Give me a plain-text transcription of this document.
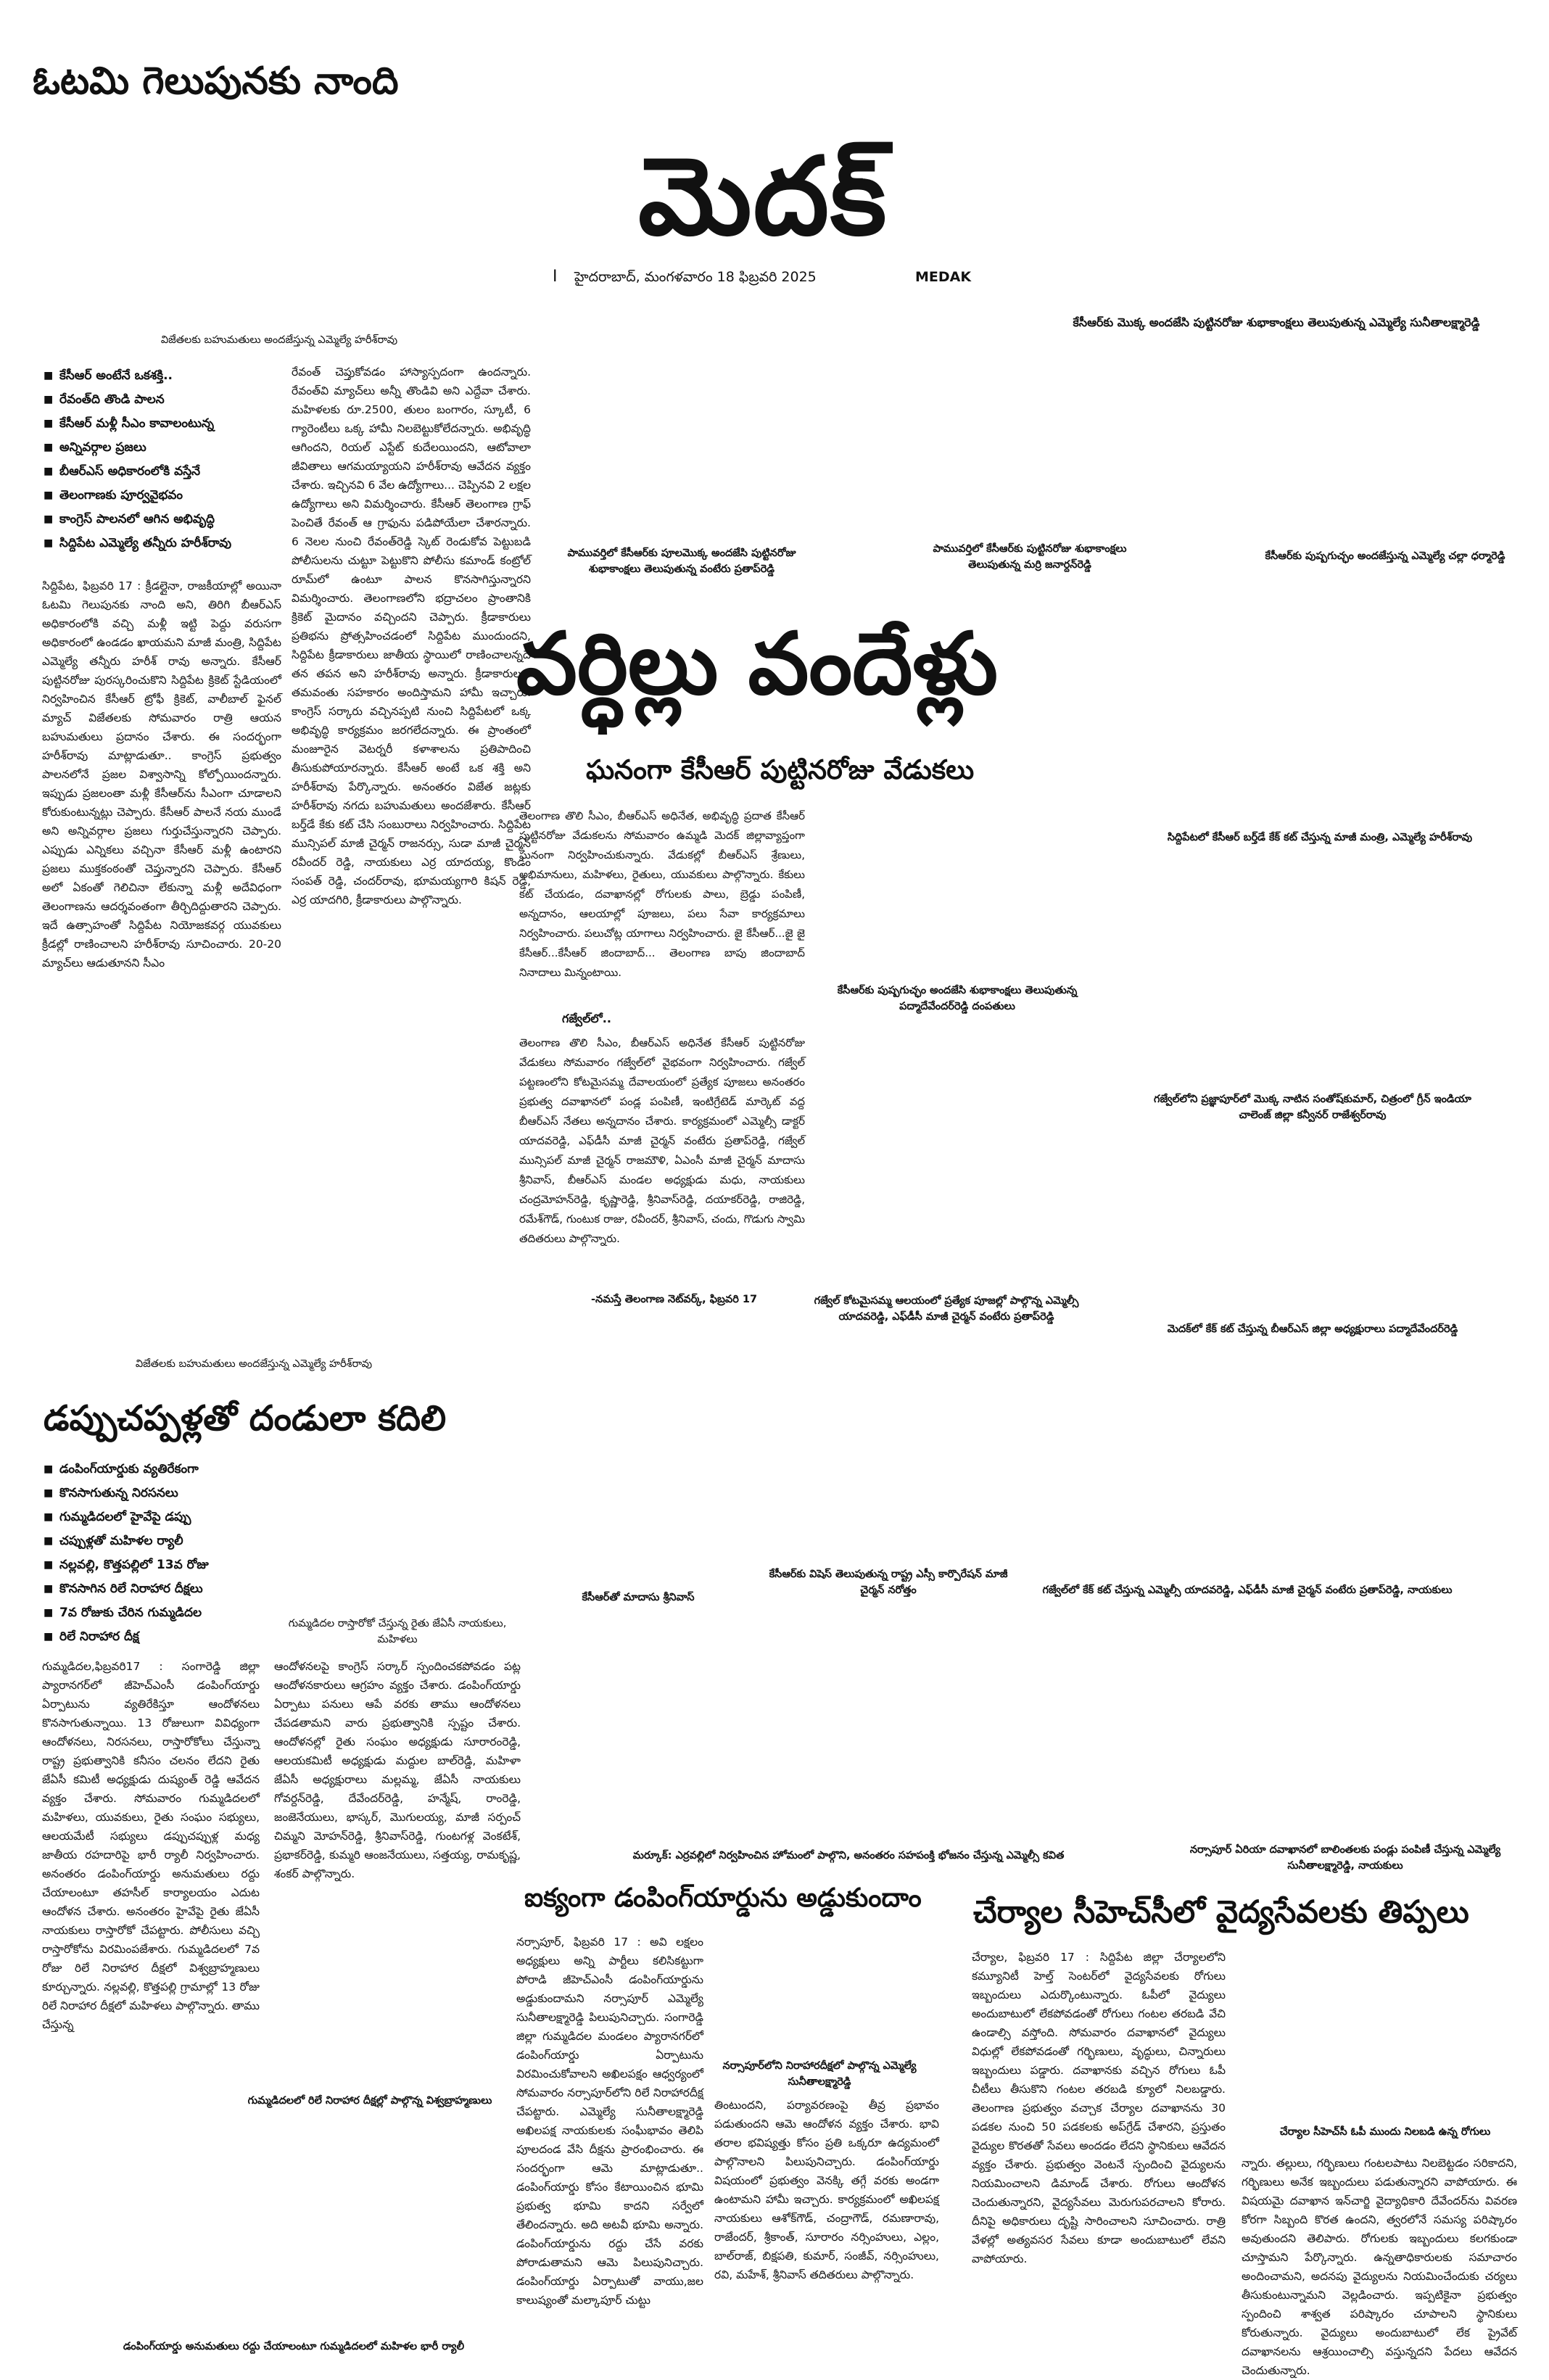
ఓటమి గెలుపునకు నాంది
మెదక్
I హైదరాబాద్, మంగళవారం 18 ఫిబ్రవరి 2025	MEDAK
విజేతలకు బహుమతులు అందజేస్తున్న ఎమ్మెల్యే హరీశ్‌రావు
■ కేసీఆర్‌ అంటేనే ఒకశక్తి..
■ రేవంత్‌ది తొండి పాలన
■ కేసీఆర్‌ మళ్లీ సీఎం కావాలంటున్న
■ అన్నివర్గాల ప్రజలు
■ బీఆర్‌ఎస్‌ అధికారంలోకి వస్తేనే
■ తెలంగాణకు పూర్వవైభవం
■ కాంగ్రెస్‌ పాలనలో ఆగిన అభివృద్ధి
■ సిద్దిపేట ఎమ్మెల్యే తన్నీరు హరీశ్‌రావు

సిద్దిపేట, ఫిబ్రవరి 17 : క్రీడల్లైనా, రాజకీయాల్లో అయినా ఓటమి గెలుపునకు నాంది అని, తిరిగి బీఆర్‌ఎస్‌ అధికారంలోకి వచ్చి మళ్లీ ఇట్టి పెద్దు వరుసగా అధికారంలో ఉండడం ఖాయమని మాజీ మంత్రి, సిద్దిపేట ఎమ్మెల్యే తన్నీరు హరీశ్‌ రావు అన్నారు. కేసీఆర్‌ పుట్టినరోజు పురస్కరించుకొని సిద్దిపేట క్రికెట్‌ స్టేడియంలో నిర్వహించిన కేసీఆర్‌ ట్రోఫీ క్రికెట్‌, వాలీబాల్‌ ఫైనల్‌ మ్యాచ్‌ విజేతలకు సోమవారం రాత్రి ఆయన బహుమతులు ప్రదానం చేశారు. ఈ సందర్భంగా హరీశ్‌రావు మాట్లాడుతూ.. కాంగ్రెస్‌ ప్రభుత్వం పాలనలోనే ప్రజల విశ్వాసాన్ని కోల్పోయిందన్నారు. ఇప్పుడు ప్రజలంతా మళ్లీ కేసీఆర్‌ను సీఎంగా చూడాలని కోరుకుంటున్నట్లు చెప్పారు. కేసీఆర్‌ పాలనే నయ ముండే అని అన్నివర్గాల ప్రజలు గుర్తుచేస్తున్నారని చెప్పారు. ఎప్పుడు ఎన్నికలు వచ్చినా కేసీఆర్‌ మళ్లీ ఉంటారని ప్రజలు ముక్తకంఠంతో చెప్తున్నారని చెప్పారు. కేసీఆర్‌ అలో ఏకంతో గెలిచినా లేకున్నా మళ్లీ అదేవిధంగా తెలంగాణను ఆదర్శవంతంగా తీర్చిదిద్దుతారని చెప్పారు. ఇదే ఉత్సాహంతో సిద్దిపేట నియోజకవర్గ యువకులు క్రీడల్లో రాణించాలని హరీశ్‌రావు సూచించారు. 20-20 మ్యాచ్‌లు ఆడుతూనని సీఎం

రేవంత్‌ చెప్తుకోవడం హాస్యాస్పదంగా ఉందన్నారు. రేవంత్‌వి మ్యాచ్‌లు అన్నీ తొండివి అని ఎద్దేవా చేశారు. మహిళలకు రూ.2500, తులం బంగారం, స్కూటీ, 6 గ్యారెంటీలు ఒక్క హామీ నిలబెట్టుకోలేదన్నారు. అభివృద్ధి ఆగిందని, రియల్‌ ఎస్టేట్‌ కుదేలయిందని, ఆటోవాలా జీవితాలు ఆగమయ్యాయని హరీశ్‌రావు ఆవేదన వ్యక్తం చేశారు. ఇచ్చినవి 6 వేల ఉద్యోగాలు... చెప్పినవి 2 లక్షల ఉద్యోగాలు అని విమర్శించారు. కేసీఆర్‌ తెలంగాణ గ్రాఫ్‌ పెంచితే రేవంత్‌ ఆ గ్రాఫును పడిపోయేలా చేశారన్నారు. 6 నెలల నుంచి రేవంత్‌రెడ్డి స్కెట్‌ రెండుకోవ పెట్టుబడి పోలీసులను చుట్టూ పెట్టుకొని పోలీసు కమాండ్‌ కంట్రోల్‌ రూమ్‌లో ఉంటూ పాలన కొనసాగిస్తున్నారని విమర్శించారు. తెలంగాణలోని భద్రాచలం ప్రాంతానికి క్రికెట్‌ మైదానం వచ్చిందని చెప్పారు. క్రీడాకారులు ప్రతిభను ప్రోత్సహించడంలో సిద్దిపేట ముందుందని, సిద్దిపేట క్రీడాకారులు జాతీయ స్థాయిలో రాణించాలన్నదే తన తపన అని హరీశ్‌రావు అన్నారు. క్రీడాకారులకు తమవంతు సహకారం అందిస్తామని హామీ ఇచ్చారు. కాంగ్రెస్‌ సర్కారు వచ్చినప్పటి నుంచి సిద్దిపేటలో ఒక్క అభివృద్ధి కార్యక్రమం జరగలేదన్నారు. ఈ ప్రాంతంలో మంజూరైన వెటర్నరీ కళాశాలను ప్రతిపాదించి తీసుకుపోయారన్నారు. కేసీఆర్‌ అంటే ఒక శక్తి అని హరీశ్‌రావు పేర్కొన్నారు. అనంతరం విజేత జట్లకు హరీశ్‌రావు నగదు బహుమతులు అందజేశారు. కేసీఆర్‌ బర్త్‌డే కేకు కట్‌ చేసి సంబురాలు నిర్వహించారు. సిద్దిపేట మున్సిపల్‌ మాజీ చైర్మన్‌ రాజనర్సు, సుడా మాజీ చైర్మన్‌ రవీందర్‌ రెడ్డి, నాయకులు ఎర్ర యాదయ్య, కొండం సంపత్‌ రెడ్డి, చందర్‌రావు, భూమయ్యగారి కిషన్‌ రెడ్డి, ఎర్ర యాదగిరి, క్రీడాకారులు పాల్గొన్నారు.

కేసీఆర్‌కు మొక్క అందజేసి పుట్టినరోజు శుభాకాంక్షలు తెలుపుతున్న ఎమ్మెల్యే సునీతాలక్ష్మారెడ్డి
పామువర్తిలో కేసీఆర్‌కు పూలమొక్క అందజేసి పుట్టినరోజు శుభాకాంక్షలు తెలుపుతున్న వంటేరు ప్రతాప్‌రెడ్డి
పామువర్తిలో కేసీఆర్‌కు పుట్టినరోజు శుభాకాంక్షలు తెలుపుతున్న మర్రి జనార్దన్‌రెడ్డి
కేసీఆర్‌కు పుష్పగుచ్ఛం అందజేస్తున్న ఎమ్మెల్యే చల్లా ధర్మారెడ్డి
వర్ధిల్లు వందేళ్లు
ఘనంగా కేసీఆర్‌ పుట్టినరోజు వేడుకలు

తెలంగాణ తొలి సీఎం, బీఆర్‌ఎస్‌ అధినేత, అభివృద్ధి ప్రదాత కేసీఆర్‌ పుట్టినరోజు వేడుకలను సోమవారం ఉమ్మడి మెదక్‌ జిల్లావ్యాప్తంగా ఘనంగా నిర్వహించుకున్నారు. వేడుకల్లో బీఆర్‌ఎస్‌ శ్రేణులు, అభిమానులు, మహిళలు, రైతులు, యువకులు పాల్గొన్నారు. కేకులు కట్‌ చేయడం, దవాఖానల్లో రోగులకు పాలు, బ్రెడ్డు పంపిణీ, అన్నదానం, ఆలయాల్లో పూజలు, పలు సేవా కార్యక్రమాలు నిర్వహించారు. పలుచోట్ల యాగాలు నిర్వహించారు. జై కేసీఆర్‌...జై జై కేసీఆర్‌...కేసీఆర్‌ జిందాబాద్‌... తెలంగాణ బాపు జిందాబాద్‌ నినాదాలు మిన్నంటాయి.

గజ్వేల్‌లో..

తెలంగాణ తొలి సీఎం, బీఆర్‌ఎస్‌ అధినేత కేసీఆర్‌ పుట్టినరోజు వేడుకలు సోమవారం గజ్వేల్‌లో వైభవంగా నిర్వహించారు. గజ్వేల్‌ పట్టణంలోని కోటమైసమ్మ దేవాలయంలో ప్రత్యేక పూజలు అనంతరం ప్రభుత్వ దవాఖానలో పండ్ల పంపిణీ, ఇంటిగ్రేటెడ్‌ మార్కెట్‌ వద్ద బీఆర్‌ఎస్‌ నేతలు అన్నదానం చేశారు. కార్యక్రమంలో ఎమ్మెల్సీ డాక్టర్‌ యాదవరెడ్డి, ఎఫ్‌డీసీ మాజీ చైర్మన్‌ వంటేరు ప్రతాప్‌రెడ్డి, గజ్వేల్‌ మున్సిపల్‌ మాజీ చైర్మన్‌ రాజమౌళి, ఏఎంసీ మాజీ చైర్మన్‌ మాదాసు శ్రీనివాస్‌, బీఆర్‌ఎస్‌ మండల అధ్యక్షుడు మధు, నాయకులు చంద్రమోహన్‌రెడ్డి, కృష్ణారెడ్డి, శ్రీనివాస్‌రెడ్డి, దయాకర్‌రెడ్డి, రాజిరెడ్డి, రమేశ్‌గౌడ్‌, గుంటుక రాజు, రవీందర్‌, శ్రీనివాస్‌, చందు, గొడుగు స్వామి తదితరులు పాల్గొన్నారు.

-నమస్తే తెలంగాణ నెట్‌వర్క్‌, ఫిబ్రవరి 17
సిద్దిపేటలో కేసీఆర్‌ బర్త్‌డే కేక్‌ కట్‌ చేస్తున్న మాజీ మంత్రి, ఎమ్మెల్యే హరీశ్‌రావు
కేసీఆర్‌కు పుష్పగుచ్ఛం అందజేసి శుభాకాంక్షలు తెలుపుతున్న పద్మాదేవేందర్‌రెడ్డి దంపతులు
గజ్వేల్‌లోని ప్రజ్ఞాపూర్‌లో మొక్క నాటిన సంతోష్‌కుమార్‌, చిత్రంలో గ్రీన్‌ ఇండియా చాలెంజ్‌ జిల్లా కన్వీనర్‌ రాజేశ్వర్‌రావు
గజ్వేల్‌ కోటమైసమ్మ ఆలయంలో ప్రత్యేక పూజల్లో పాల్గొన్న ఎమ్మెల్సీ యాదవరెడ్డి, ఎఫ్‌డీసీ మాజీ చైర్మన్‌ వంటేరు ప్రతాప్‌రెడ్డి
మెదక్‌లో కేక్‌ కట్‌ చేస్తున్న బీఆర్‌ఎస్‌ జిల్లా అధ్యక్షురాలు పద్మాదేవేందర్‌రెడ్డి
విజేతలకు బహుమతులు అందజేస్తున్న ఎమ్మెల్యే హరీశ్‌రావు
డప్పుచప్పళ్లతో దండులా కదిలి
■ డంపింగ్‌యార్డుకు వ్యతిరేకంగా
■ కొనసాగుతున్న నిరసనలు
■ గుమ్మడిదలలో హైవేపై డప్పు
■ చప్పుళ్లతో మహిళల ర్యాలీ
■ నల్లవల్లి, కొత్తపల్లిలో 13వ రోజు
■ కొనసాగిన రిలే నిరాహార దీక్షలు
■ 7వ రోజుకు చేరిన గుమ్మడిదల
■ రిలే నిరాహార దీక్ష
గుమ్మడిదల రాస్తారోకో చేస్తున్న రైతు జేఏసీ నాయకులు, మహిళలు

గుమ్మడిదల,ఫిబ్రవరి17 : సంగారెడ్డి జిల్లా ప్యారానగర్‌లో జీహెచ్‌ఎంసీ డంపింగ్‌యార్డు ఏర్పాటును వ్యతిరేకిస్తూ ఆందోళనలు కొనసాగుతున్నాయి. 13 రోజులుగా వివిధ్యంగా ఆందోళనలు, నిరసనలు, రాస్తారోకోలు చేస్తున్నా రాష్ట్ర ప్రభుత్వానికి కనీసం చలనం లేదని రైతు జేఏసీ కమిటీ అధ్యక్షుడు దుష్యంత్‌ రెడ్డి ఆవేదన వ్యక్తం చేశారు. సోమవారం గుమ్మడిదలలో మహిళలు, యువకులు, రైతు సంఘం సభ్యులు, ఆలయమేటీ సభ్యులు డప్పుచప్పుళ్ల మధ్య జాతీయ రహదారిపై భారీ ర్యాలీ నిర్వహించారు. అనంతరం డంపింగ్‌యార్డు అనుమతులు రద్దు చేయాలంటూ తహసీల్‌ కార్యాలయం ఎదుట ఆందోళన చేశారు. అనంతరం హైవేపై రైతు జేఏసీ నాయకులు రాస్తారోకో చేపట్టారు. పోలీసులు వచ్చి రాస్తారోకోను విరమింపజేశారు. గుమ్మడిదలలో 7వ రోజు రిలే నిరాహార దీక్షలో విశ్వబ్రాహ్మణులు కూర్చున్నారు. నల్లవల్లి, కొత్తపల్లి గ్రామాల్లో 13 రోజు రిలే నిరాహార దీక్షలో మహిళలు పాల్గొన్నారు. తాము చేస్తున్న

ఆందోళనలపై కాంగ్రెస్‌ సర్కార్‌ స్పందించకపోవడం పట్ల ఆందోళనకారులు ఆగ్రహం వ్యక్తం చేశారు. డంపింగ్‌యార్డు ఏర్పాటు పనులు ఆపే వరకు తాము ఆందోళనలు చేపడతామని వారు ప్రభుత్వానికి స్పష్టం చేశారు. ఆందోళనల్లో రైతు సంఘం అధ్యక్షుడు సూరారంరెడ్డి, ఆలయకమిటీ అధ్యక్షుడు మద్దుల బాల్‌రెడ్డి, మహిళా జేఏసీ అధ్యక్షురాలు మల్లమ్మ, జేఏసీ నాయకులు గోవర్దన్‌రెడ్డి, దేవేందర్‌రెడ్డి, హన్మేష్‌, రాంరెడ్డి, జంజెనేయులు, భాస్కర్‌, మొగులయ్య, మాజీ సర్పంచ్‌ చిమ్మని మోహన్‌రెడ్డి, శ్రీనివాస్‌రెడ్డి, గుంటగళ్ల వెంకటేశ్‌, ప్రభాకర్‌రెడ్డి, కుమ్మరి ఆంజనేయులు, సత్తయ్య, రామకృష్ణ, శంకర్‌ పాల్గొన్నారు.

గుమ్మడిదలలో రిలే నిరాహార దీక్షల్లో పాల్గొన్న విశ్వబ్రాహ్మణులు
డంపింగ్‌యార్డు అనుమతులు రద్దు చేయాలంటూ గుమ్మడిదలలో మహిళల భారీ ర్యాలీ
కేసీఆర్‌తో మాదాసు శ్రీనివాస్‌
కేసీఆర్‌కు విషెస్‌ తెలుపుతున్న రాష్ట్ర ఎస్సీ కార్పొరేషన్‌ మాజీ చైర్మన్‌ నరోత్తం	గజ్వేల్‌లో కేక్‌ కట్‌ చేస్తున్న ఎమ్మెల్సీ యాదవరెడ్డి, ఎఫ్‌డీసీ మాజీ చైర్మన్‌ వంటేరు ప్రతాప్‌రెడ్డి, నాయకులు
మర్కూక్‌: ఎర్రవల్లిలో నిర్వహించిన హోమంలో పాల్గొని, అనంతరం సహపంక్తి భోజనం చేస్తున్న ఎమ్మెల్సీ కవిత	నర్సాపూర్‌ ఏరియా దవాఖానలో బాలింతలకు పండ్లు పంపిణీ చేస్తున్న ఎమ్మెల్యే సునీతాలక్ష్మారెడ్డి, నాయకులు
ఐక్యంగా డంపింగ్‌యార్డును అడ్డుకుందాం

నర్సాపూర్‌, ఫిబ్రవరి 17 : అవి లక్షలం అధ్యక్షులు అన్ని పార్టీలు కలిసికట్టుగా పోరాడి జీహెచ్‌ఎంసీ డంపింగ్‌యార్డును అడ్డుకుందామని నర్సాపూర్‌ ఎమ్మెల్యే సునీతాలక్ష్మారెడ్డి పిలుపునిచ్చారు. సంగారెడ్డి జిల్లా గుమ్మడిదల మండలం ప్యారానగర్‌లో డంపింగ్‌యార్డు ఏర్పాటును విరమించుకోవాలని అఖిలపక్షం ఆధ్వర్యంలో సోమవారం నర్సాపూర్‌లోని రిలే నిరాహారదీక్ష చేపట్టారు. ఎమ్మెల్యే సునీతాలక్ష్మారెడ్డి అఖిలపక్ష నాయకులకు సంఘీభావం తెలిపి పూలదండ వేసి దీక్షను ప్రారంభించారు. ఈ సందర్భంగా ఆమె మాట్లాడుతూ.. డంపింగ్‌యార్డు కోసం కేటాయించిన భూమి ప్రభుత్వ భూమి కాదని సర్వేలో తేలిందన్నారు. అది అటవీ భూమి అన్నారు. డంపింగ్‌యార్డును రద్దు చేసే వరకు పోరాడుతామని ఆమె పిలుపునిచ్చారు. డంపింగ్‌యార్డు ఏర్పాటుతో వాయు,జల కాలుష్యంతో మల్కాపూర్‌ చుట్టు

నర్సాపూర్‌లోని నిరాహారదీక్షలో పాల్గొన్న ఎమ్మెల్యే సునీతాలక్ష్మారెడ్డి

తింటుందని, పర్యావరణంపై తీవ్ర ప్రభావం పడుతుందని ఆమె ఆందోళన వ్యక్తం చేశారు. భావి తరాల భవిష్యత్తు కోసం ప్రతి ఒక్కరూ ఉద్యమంలో పాల్గొనాలని పిలుపునిచ్చారు. డంపింగ్‌యార్డు విషయంలో ప్రభుత్వం వెనక్కి తగ్గే వరకు అండగా ఉంటామని హామీ ఇచ్చారు. కార్యక్రమంలో అఖిలపక్ష నాయకులు ఆశోక్‌గౌడ్‌, చంద్రాగౌడ్‌, రమణారావు, రాజేందర్‌, శ్రీకాంత్‌, సూరారం నర్సింహులు, ఎల్లం, బాల్‌రాజ్‌, బిక్షపతి, కుమార్‌, సంజీవ్‌, నర్సింహులు, రవి, మహేశ్‌, శ్రీనివాస్‌ తదితరులు పాల్గొన్నారు.

చేర్యాల సీహెచ్‌సీలో వైద్యసేవలకు తిప్పలు

చేర్యాల, ఫిబ్రవరి 17 : సిద్దిపేట జిల్లా చేర్యాలలోని కమ్యూనిటీ హెల్త్‌ సెంటర్‌లో వైద్యసేవలకు రోగులు ఇబ్బందులు ఎదుర్కొంటున్నారు. ఓపీలో వైద్యులు అందుబాటులో లేకపోవడంతో రోగులు గంటల తరబడి వేచి ఉండాల్సి వస్తోంది. సోమవారం దవాఖానలో వైద్యులు విధుల్లో లేకపోవడంతో గర్భిణులు, వృద్ధులు, చిన్నారులు ఇబ్బందులు పడ్డారు. దవాఖానకు వచ్చిన రోగులు ఓపీ చీటీలు తీసుకొని గంటల తరబడి క్యూలో నిలబడ్డారు. తెలంగాణ ప్రభుత్వం వచ్చాక చేర్యాల దవాఖానను 30 పడకల నుంచి 50 పడకలకు అప్‌గ్రేడ్‌ చేశారని, ప్రస్తుతం వైద్యుల కొరతతో సేవలు అందడం లేదని స్థానికులు ఆవేదన వ్యక్తం చేశారు. ప్రభుత్వం వెంటనే స్పందించి వైద్యులను నియమించాలని డిమాండ్‌ చేశారు. రోగులు ఆందోళన చెందుతున్నారని, వైద్యసేవలు మెరుగుపరచాలని కోరారు. దీనిపై అధికారులు దృష్టి సారించాలని సూచించారు. రాత్రి వేళల్లో అత్యవసర సేవలు కూడా అందుబాటులో లేవని వాపోయారు.

చేర్యాల సీహెచ్‌సీ ఓపీ ముందు నిలబడి ఉన్న రోగులు

న్నారు. తల్లులు, గర్భిణులు గంటలపాటు నిలబెట్టడం సరికాదని, గర్భిణులు అనేక ఇబ్బందులు పడుతున్నారని వాపోయారు. ఈ విషయమై దవాఖాన ఇన్‌చార్జి వైద్యాధికారి దేవేందర్‌ను వివరణ కోరగా సిబ్బంది కొరత ఉందని, త్వరలోనే సమస్య పరిష్కారం అవుతుందని తెలిపారు. రోగులకు ఇబ్బందులు కలగకుండా చూస్తామని పేర్కొన్నారు. ఉన్నతాధికారులకు సమాచారం అందించామని, అదనపు వైద్యులను నియమించేందుకు చర్యలు తీసుకుంటున్నామని వెల్లడించారు. ఇప్పటికైనా ప్రభుత్వం స్పందించి శాశ్వత పరిష్కారం చూపాలని స్థానికులు కోరుతున్నారు. వైద్యులు అందుబాటులో లేక ప్రైవేట్‌ దవాఖానలను ఆశ్రయించాల్సి వస్తున్నదని పేదలు ఆవేదన చెందుతున్నారు.
